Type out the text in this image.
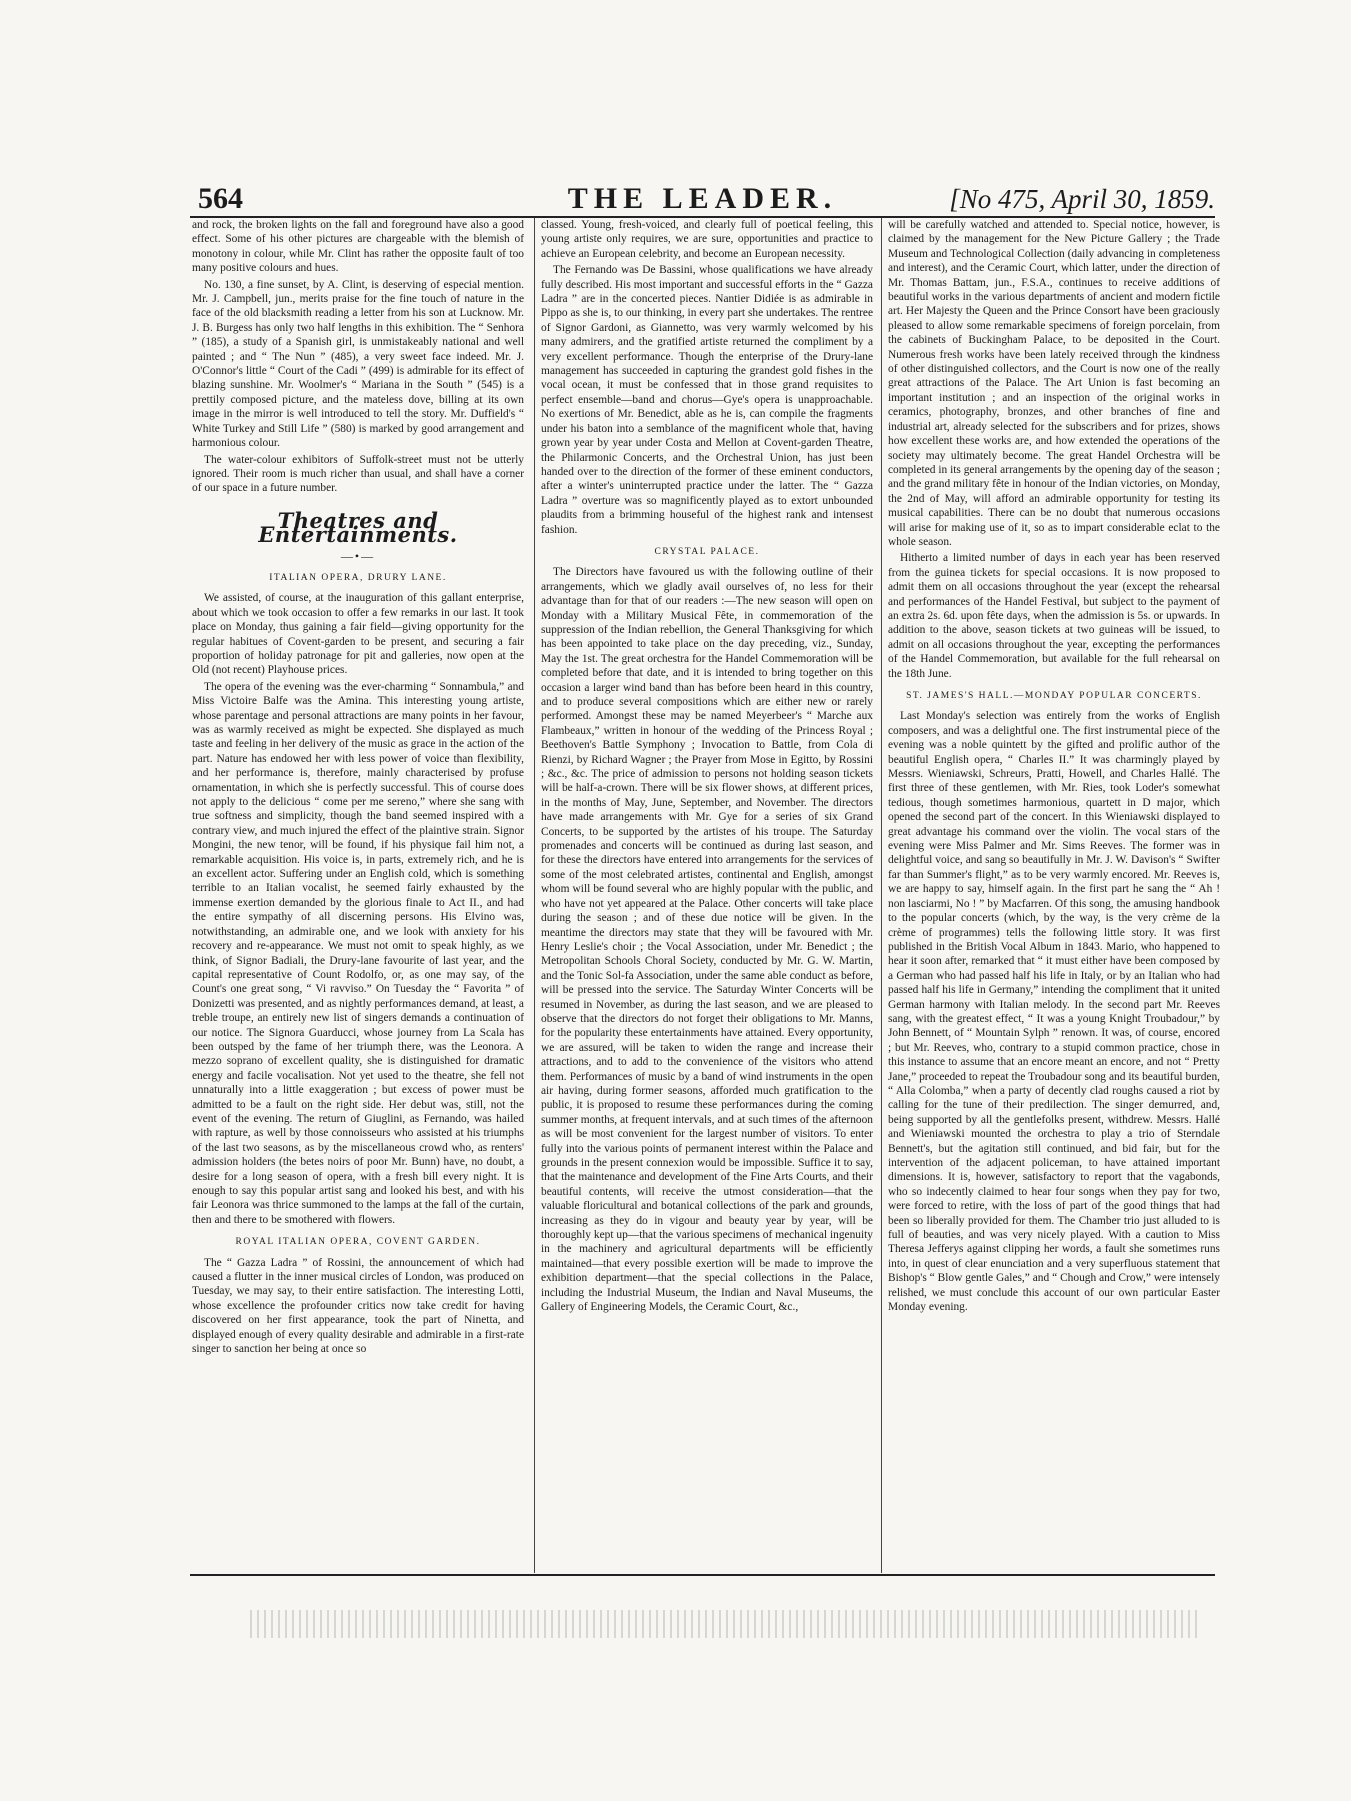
564	THE LEADER.	[No 475, April 30, 1859.

and rock, the broken lights on the fall and foreground have also a good effect. Some of his other pictures are chargeable with the blemish of monotony in colour, while Mr. Clint has rather the opposite fault of too many positive colours and hues.

No. 130, a fine sunset, by A. Clint, is deserving of especial mention. Mr. J. Campbell, jun., merits praise for the fine touch of nature in the face of the old blacksmith reading a letter from his son at Lucknow. Mr. J. B. Burgess has only two half lengths in this exhibition. The “ Senhora ” (185), a study of a Spanish girl, is unmistakeably national and well painted ; and “ The Nun ” (485), a very sweet face indeed. Mr. J. O'Connor's little “ Court of the Cadi ” (499) is admirable for its effect of blazing sunshine. Mr. Woolmer's “ Mariana in the South ” (545) is a prettily composed picture, and the mateless dove, billing at its own image in the mirror is well introduced to tell the story. Mr. Duffield's “ White Turkey and Still Life ” (580) is marked by good arrangement and harmonious colour.

The water-colour exhibitors of Suffolk-street must not be utterly ignored. Their room is much richer than usual, and shall have a corner of our space in a future number.

Theatres and Entertainments.
—•—
ITALIAN OPERA, DRURY LANE.

We assisted, of course, at the inauguration of this gallant enterprise, about which we took occasion to offer a few remarks in our last. It took place on Monday, thus gaining a fair field—giving opportunity for the regular habitues of Covent-garden to be present, and securing a fair proportion of holiday patronage for pit and galleries, now open at the Old (not recent) Playhouse prices.

The opera of the evening was the ever-charming “ Sonnambula,” and Miss Victoire Balfe was the Amina. This interesting young artiste, whose parentage and personal attractions are many points in her favour, was as warmly received as might be expected. She displayed as much taste and feeling in her delivery of the music as grace in the action of the part. Nature has endowed her with less power of voice than flexibility, and her performance is, therefore, mainly characterised by profuse ornamentation, in which she is perfectly successful. This of course does not apply to the delicious “ come per me sereno,” where she sang with true softness and simplicity, though the band seemed inspired with a contrary view, and much injured the effect of the plaintive strain. Signor Mongini, the new tenor, will be found, if his physique fail him not, a remarkable acquisition. His voice is, in parts, extremely rich, and he is an excellent actor. Suffering under an English cold, which is something terrible to an Italian vocalist, he seemed fairly exhausted by the immense exertion demanded by the glorious finale to Act II., and had the entire sympathy of all discerning persons. His Elvino was, notwithstanding, an admirable one, and we look with anxiety for his recovery and re-appearance. We must not omit to speak highly, as we think, of Signor Badiali, the Drury-lane favourite of last year, and the capital representative of Count Rodolfo, or, as one may say, of the Count's one great song, “ Vi ravviso.” On Tuesday the “ Favorita ” of Donizetti was presented, and as nightly performances demand, at least, a treble troupe, an entirely new list of singers demands a continuation of our notice. The Signora Guarducci, whose journey from La Scala has been outsped by the fame of her triumph there, was the Leonora. A mezzo soprano of excellent quality, she is distinguished for dramatic energy and facile vocalisation. Not yet used to the theatre, she fell not unnaturally into a little exaggeration ; but excess of power must be admitted to be a fault on the right side. Her debut was, still, not the event of the evening. The return of Giuglini, as Fernando, was hailed with rapture, as well by those connoisseurs who assisted at his triumphs of the last two seasons, as by the miscellaneous crowd who, as renters' admission holders (the betes noirs of poor Mr. Bunn) have, no doubt, a desire for a long season of opera, with a fresh bill every night. It is enough to say this popular artist sang and looked his best, and with his fair Leonora was thrice summoned to the lamps at the fall of the curtain, then and there to be smothered with flowers.

ROYAL ITALIAN OPERA, COVENT GARDEN.

The “ Gazza Ladra ” of Rossini, the announcement of which had caused a flutter in the inner musical circles of London, was produced on Tuesday, we may say, to their entire satisfaction. The interesting Lotti, whose excellence the profounder critics now take credit for having discovered on her first appearance, took the part of Ninetta, and displayed enough of every quality desirable and admirable in a first-rate singer to sanction her being at once so

classed. Young, fresh-voiced, and clearly full of poetical feeling, this young artiste only requires, we are sure, opportunities and practice to achieve an European celebrity, and become an European necessity.

The Fernando was De Bassini, whose qualifications we have already fully described. His most important and successful efforts in the “ Gazza Ladra ” are in the concerted pieces. Nantier Didiée is as admirable in Pippo as she is, to our thinking, in every part she undertakes. The rentree of Signor Gardoni, as Giannetto, was very warmly welcomed by his many admirers, and the gratified artiste returned the compliment by a very excellent performance. Though the enterprise of the Drury-lane management has succeeded in capturing the grandest gold fishes in the vocal ocean, it must be confessed that in those grand requisites to perfect ensemble—band and chorus—Gye's opera is unapproachable. No exertions of Mr. Benedict, able as he is, can compile the fragments under his baton into a semblance of the magnificent whole that, having grown year by year under Costa and Mellon at Covent-garden Theatre, the Philarmonic Concerts, and the Orchestral Union, has just been handed over to the direction of the former of these eminent conductors, after a winter's uninterrupted practice under the latter. The “ Gazza Ladra ” overture was so magnificently played as to extort unbounded plaudits from a brimming houseful of the highest rank and intensest fashion.

CRYSTAL PALACE.

The Directors have favoured us with the following outline of their arrangements, which we gladly avail ourselves of, no less for their advantage than for that of our readers :—The new season will open on Monday with a Military Musical Fête, in commemoration of the suppression of the Indian rebellion, the General Thanksgiving for which has been appointed to take place on the day preceding, viz., Sunday, May the 1st. The great orchestra for the Handel Commemoration will be completed before that date, and it is intended to bring together on this occasion a larger wind band than has before been heard in this country, and to produce several compositions which are either new or rarely performed. Amongst these may be named Meyerbeer's “ Marche aux Flambeaux,” written in honour of the wedding of the Princess Royal ; Beethoven's Battle Symphony ; Invocation to Battle, from Cola di Rienzi, by Richard Wagner ; the Prayer from Mose in Egitto, by Rossini ; &c., &c. The price of admission to persons not holding season tickets will be half-a-crown. There will be six flower shows, at different prices, in the months of May, June, September, and November. The directors have made arrangements with Mr. Gye for a series of six Grand Concerts, to be supported by the artistes of his troupe. The Saturday promenades and concerts will be continued as during last season, and for these the directors have entered into arrangements for the services of some of the most celebrated artistes, continental and English, amongst whom will be found several who are highly popular with the public, and who have not yet appeared at the Palace. Other concerts will take place during the season ; and of these due notice will be given. In the meantime the directors may state that they will be favoured with Mr. Henry Leslie's choir ; the Vocal Association, under Mr. Benedict ; the Metropolitan Schools Choral Society, conducted by Mr. G. W. Martin, and the Tonic Sol-fa Association, under the same able conduct as before, will be pressed into the service. The Saturday Winter Concerts will be resumed in November, as during the last season, and we are pleased to observe that the directors do not forget their obligations to Mr. Manns, for the popularity these entertainments have attained. Every opportunity, we are assured, will be taken to widen the range and increase their attractions, and to add to the convenience of the visitors who attend them. Performances of music by a band of wind instruments in the open air having, during former seasons, afforded much gratification to the public, it is proposed to resume these performances during the coming summer months, at frequent intervals, and at such times of the afternoon as will be most convenient for the largest number of visitors. To enter fully into the various points of permanent interest within the Palace and grounds in the present connexion would be impossible. Suffice it to say, that the maintenance and development of the Fine Arts Courts, and their beautiful contents, will receive the utmost consideration—that the valuable floricultural and botanical collections of the park and grounds, increasing as they do in vigour and beauty year by year, will be thoroughly kept up—that the various specimens of mechanical ingenuity in the machinery and agricultural departments will be efficiently maintained—that every possible exertion will be made to improve the exhibition department—that the special collections in the Palace, including the Industrial Museum, the Indian and Naval Museums, the Gallery of Engineering Models, the Ceramic Court, &c.,

will be carefully watched and attended to. Special notice, however, is claimed by the management for the New Picture Gallery ; the Trade Museum and Technological Collection (daily advancing in completeness and interest), and the Ceramic Court, which latter, under the direction of Mr. Thomas Battam, jun., F.S.A., continues to receive additions of beautiful works in the various departments of ancient and modern fictile art. Her Majesty the Queen and the Prince Consort have been graciously pleased to allow some remarkable specimens of foreign porcelain, from the cabinets of Buckingham Palace, to be deposited in the Court. Numerous fresh works have been lately received through the kindness of other distinguished collectors, and the Court is now one of the really great attractions of the Palace. The Art Union is fast becoming an important institution ; and an inspection of the original works in ceramics, photography, bronzes, and other branches of fine and industrial art, already selected for the subscribers and for prizes, shows how excellent these works are, and how extended the operations of the society may ultimately become. The great Handel Orchestra will be completed in its general arrangements by the opening day of the season ; and the grand military fête in honour of the Indian victories, on Monday, the 2nd of May, will afford an admirable opportunity for testing its musical capabilities. There can be no doubt that numerous occasions will arise for making use of it, so as to impart considerable eclat to the whole season.

Hitherto a limited number of days in each year has been reserved from the guinea tickets for special occasions. It is now proposed to admit them on all occasions throughout the year (except the rehearsal and performances of the Handel Festival, but subject to the payment of an extra 2s. 6d. upon fête days, when the admission is 5s. or upwards. In addition to the above, season tickets at two guineas will be issued, to admit on all occasions throughout the year, excepting the performances of the Handel Commemoration, but available for the full rehearsal on the 18th June.

ST. JAMES'S HALL.—MONDAY POPULAR CONCERTS.

Last Monday's selection was entirely from the works of English composers, and was a delightful one. The first instrumental piece of the evening was a noble quintett by the gifted and prolific author of the beautiful English opera, “ Charles II.” It was charmingly played by Messrs. Wieniawski, Schreurs, Pratti, Howell, and Charles Hallé. The first three of these gentlemen, with Mr. Ries, took Loder's somewhat tedious, though sometimes harmonious, quartett in D major, which opened the second part of the concert. In this Wieniawski displayed to great advantage his command over the violin. The vocal stars of the evening were Miss Palmer and Mr. Sims Reeves. The former was in delightful voice, and sang so beautifully in Mr. J. W. Davison's “ Swifter far than Summer's flight,” as to be very warmly encored. Mr. Reeves is, we are happy to say, himself again. In the first part he sang the “ Ah ! non lasciarmi, No ! ” by Macfarren. Of this song, the amusing handbook to the popular concerts (which, by the way, is the very crème de la crème of programmes) tells the following little story. It was first published in the British Vocal Album in 1843. Mario, who happened to hear it soon after, remarked that “ it must either have been composed by a German who had passed half his life in Italy, or by an Italian who had passed half his life in Germany,” intending the compliment that it united German harmony with Italian melody. In the second part Mr. Reeves sang, with the greatest effect, “ It was a young Knight Troubadour,” by John Bennett, of “ Mountain Sylph ” renown. It was, of course, encored ; but Mr. Reeves, who, contrary to a stupid common practice, chose in this instance to assume that an encore meant an encore, and not “ Pretty Jane,” proceeded to repeat the Troubadour song and its beautiful burden, “ Alla Colomba,” when a party of decently clad roughs caused a riot by calling for the tune of their predilection. The singer demurred, and, being supported by all the gentlefolks present, withdrew. Messrs. Hallé and Wieniawski mounted the orchestra to play a trio of Sterndale Bennett's, but the agitation still continued, and bid fair, but for the intervention of the adjacent policeman, to have attained important dimensions. It is, however, satisfactory to report that the vagabonds, who so indecently claimed to hear four songs when they pay for two, were forced to retire, with the loss of part of the good things that had been so liberally provided for them. The Chamber trio just alluded to is full of beauties, and was very nicely played. With a caution to Miss Theresa Jefferys against clipping her words, a fault she sometimes runs into, in quest of clear enunciation and a very superfluous statement that Bishop's “ Blow gentle Gales,” and “ Chough and Crow,” were intensely relished, we must conclude this account of our own particular Easter Monday evening.
